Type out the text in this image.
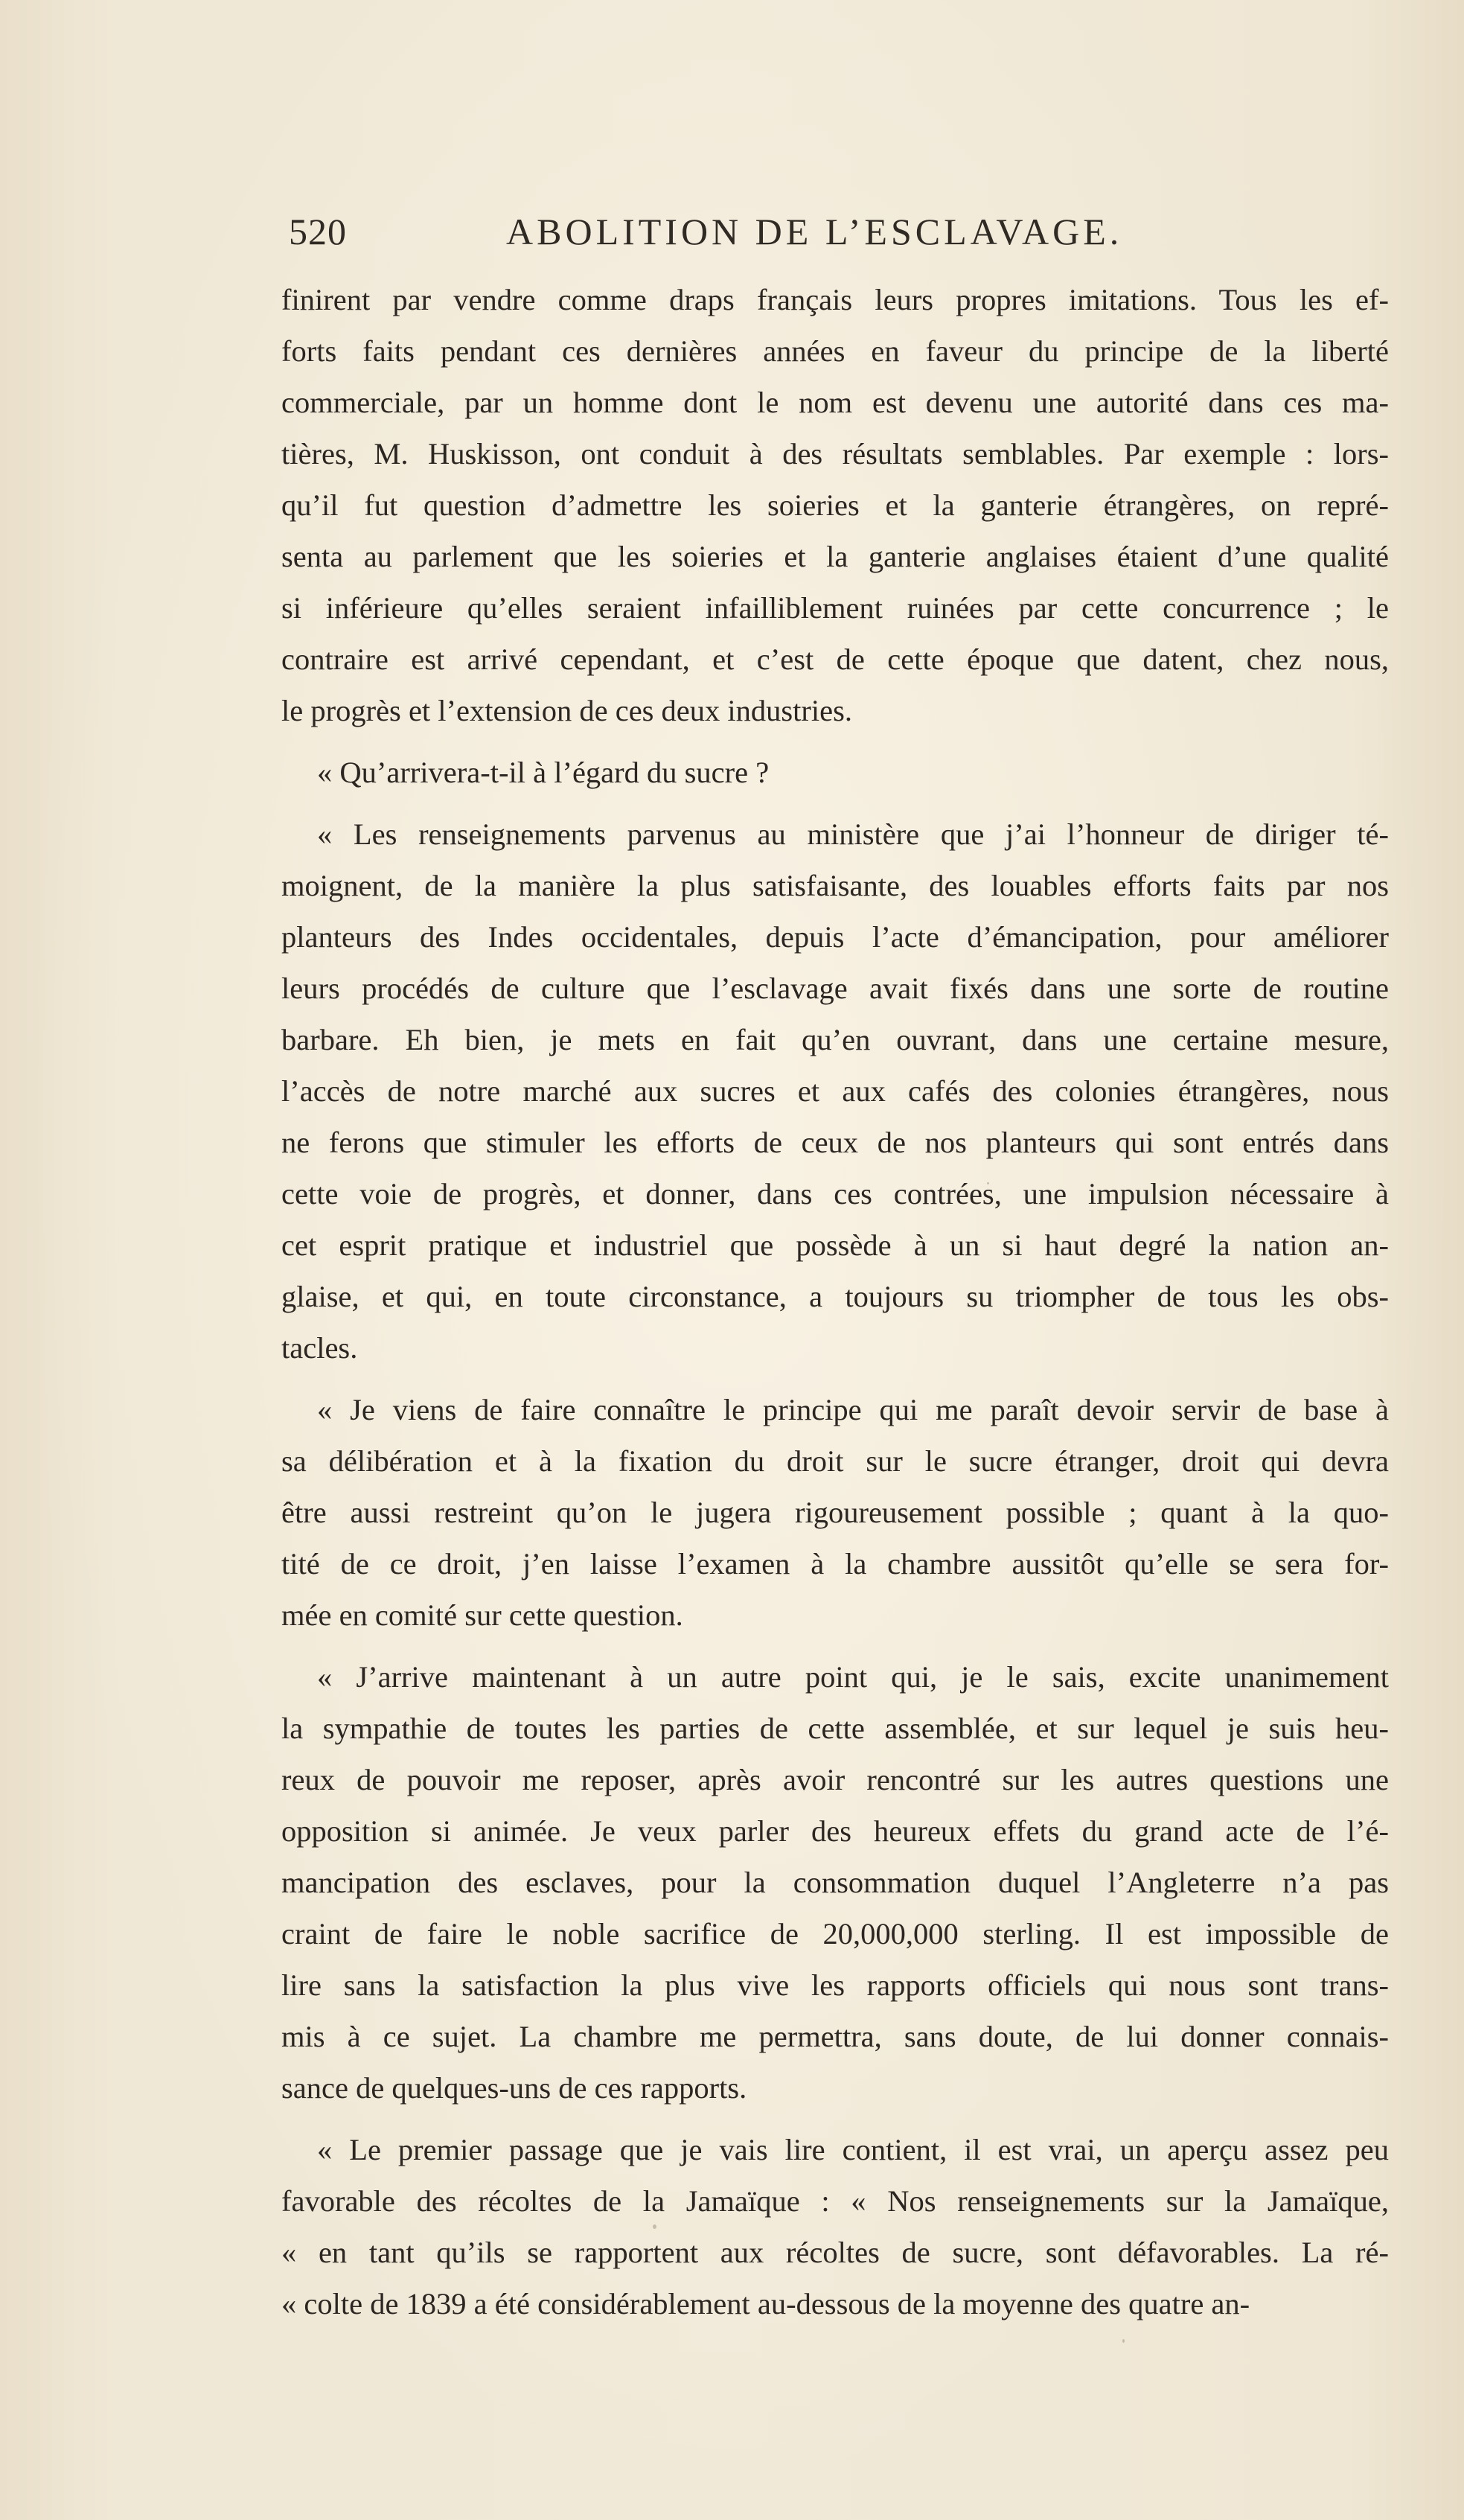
520	ABOLITION DE L’ESCLAVAGE.
finirent par vendre comme draps français leurs propres imitations. Tous les ef-
forts faits pendant ces dernières années en faveur du principe de la liberté
commerciale, par un homme dont le nom est devenu une autorité dans ces ma-
tières, M. Huskisson, ont conduit à des résultats semblables. Par exemple : lors-
qu’il fut question d’admettre les soieries et la ganterie étrangères, on repré-
senta au parlement que les soieries et la ganterie anglaises étaient d’une qualité
si inférieure qu’elles seraient infailliblement ruinées par cette concurrence ; le
contraire est arrivé cependant, et c’est de cette époque que datent, chez nous,
le progrès et l’extension de ces deux industries.
« Qu’arrivera-t-il à l’égard du sucre ?
« Les renseignements parvenus au ministère que j’ai l’honneur de diriger té-
moignent, de la manière la plus satisfaisante, des louables efforts faits par nos
planteurs des Indes occidentales, depuis l’acte d’émancipation, pour améliorer
leurs procédés de culture que l’esclavage avait fixés dans une sorte de routine
barbare. Eh bien, je mets en fait qu’en ouvrant, dans une certaine mesure,
l’accès de notre marché aux sucres et aux cafés des colonies étrangères, nous
ne ferons que stimuler les efforts de ceux de nos planteurs qui sont entrés dans
cette voie de progrès, et donner, dans ces contrées, une impulsion nécessaire à
cet esprit pratique et industriel que possède à un si haut degré la nation an-
glaise, et qui, en toute circonstance, a toujours su triompher de tous les obs-
tacles.
« Je viens de faire connaître le principe qui me paraît devoir servir de base à
sa délibération et à la fixation du droit sur le sucre étranger, droit qui devra
être aussi restreint qu’on le jugera rigoureusement possible ; quant à la quo-
tité de ce droit, j’en laisse l’examen à la chambre aussitôt qu’elle se sera for-
mée en comité sur cette question.
« J’arrive maintenant à un autre point qui, je le sais, excite unanimement
la sympathie de toutes les parties de cette assemblée, et sur lequel je suis heu-
reux de pouvoir me reposer, après avoir rencontré sur les autres questions une
opposition si animée. Je veux parler des heureux effets du grand acte de l’é-
mancipation des esclaves, pour la consommation duquel l’Angleterre n’a pas
craint de faire le noble sacrifice de 20,000,000 sterling. Il est impossible de
lire sans la satisfaction la plus vive les rapports officiels qui nous sont trans-
mis à ce sujet. La chambre me permettra, sans doute, de lui donner connais-
sance de quelques-uns de ces rapports.
« Le premier passage que je vais lire contient, il est vrai, un aperçu assez peu
favorable des récoltes de la Jamaïque : « Nos renseignements sur la Jamaïque,
« en tant qu’ils se rapportent aux récoltes de sucre, sont défavorables. La ré-
« colte de 1839 a été considérablement au-dessous de la moyenne des quatre an-
